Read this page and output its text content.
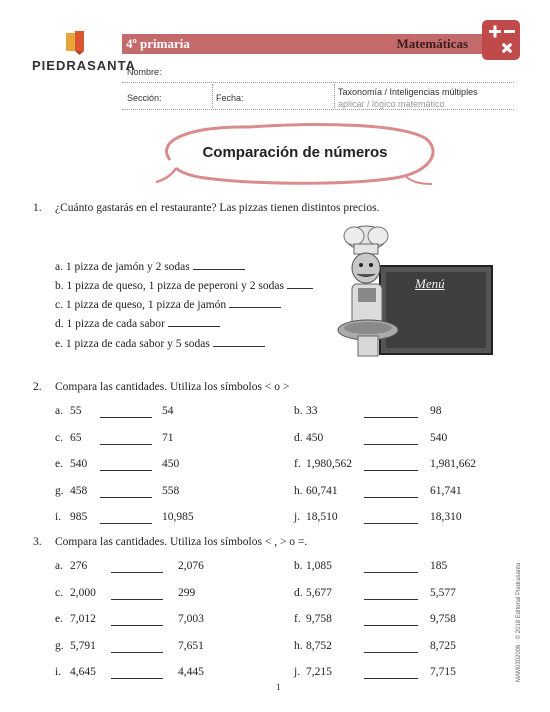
PIEDRASANTA
4º primaria	Matemáticas
Nombre:
Sección:	Fecha:
Taxonomía / Inteligencias múltiples
aplicar / lógico matemático
Comparación de números
1. ¿Cuánto gastarás en el restaurante? Las pizzas tienen distintos precios.
a. 1 pizza de jamón y 2 sodas
b. 1 pizza de queso, 1 pizza de peperoni y 2 sodas
c. 1 pizza de queso, 1 pizza de jamón
d. 1 pizza de cada sabor
e. 1 pizza de cada sabor y 5 sodas
Menú
2. Compara las cantidades. Utiliza los símbolos < o >
a. 55	54
c. 65	71
e. 540	450
g. 458	558
i. 985	10,985
b. 33	98
d. 450	540
f. 1,980,562	1,981,662
h. 60,741	61,741
j. 18,510	18,310
3. Compara las cantidades. Utiliza los símbolos < , > o =.
a. 276	2,076
c. 2,000	299
e. 7,012	7,003
g. 5,791	7,651
i. 4,645	4,445
b. 1,085	185
d. 5,677	5,577
f. 9,758	9,758
h. 8,752	8,725
j. 7,215	7,715
1
MAM0302006 · © 2018 Editorial Piedrasanta
